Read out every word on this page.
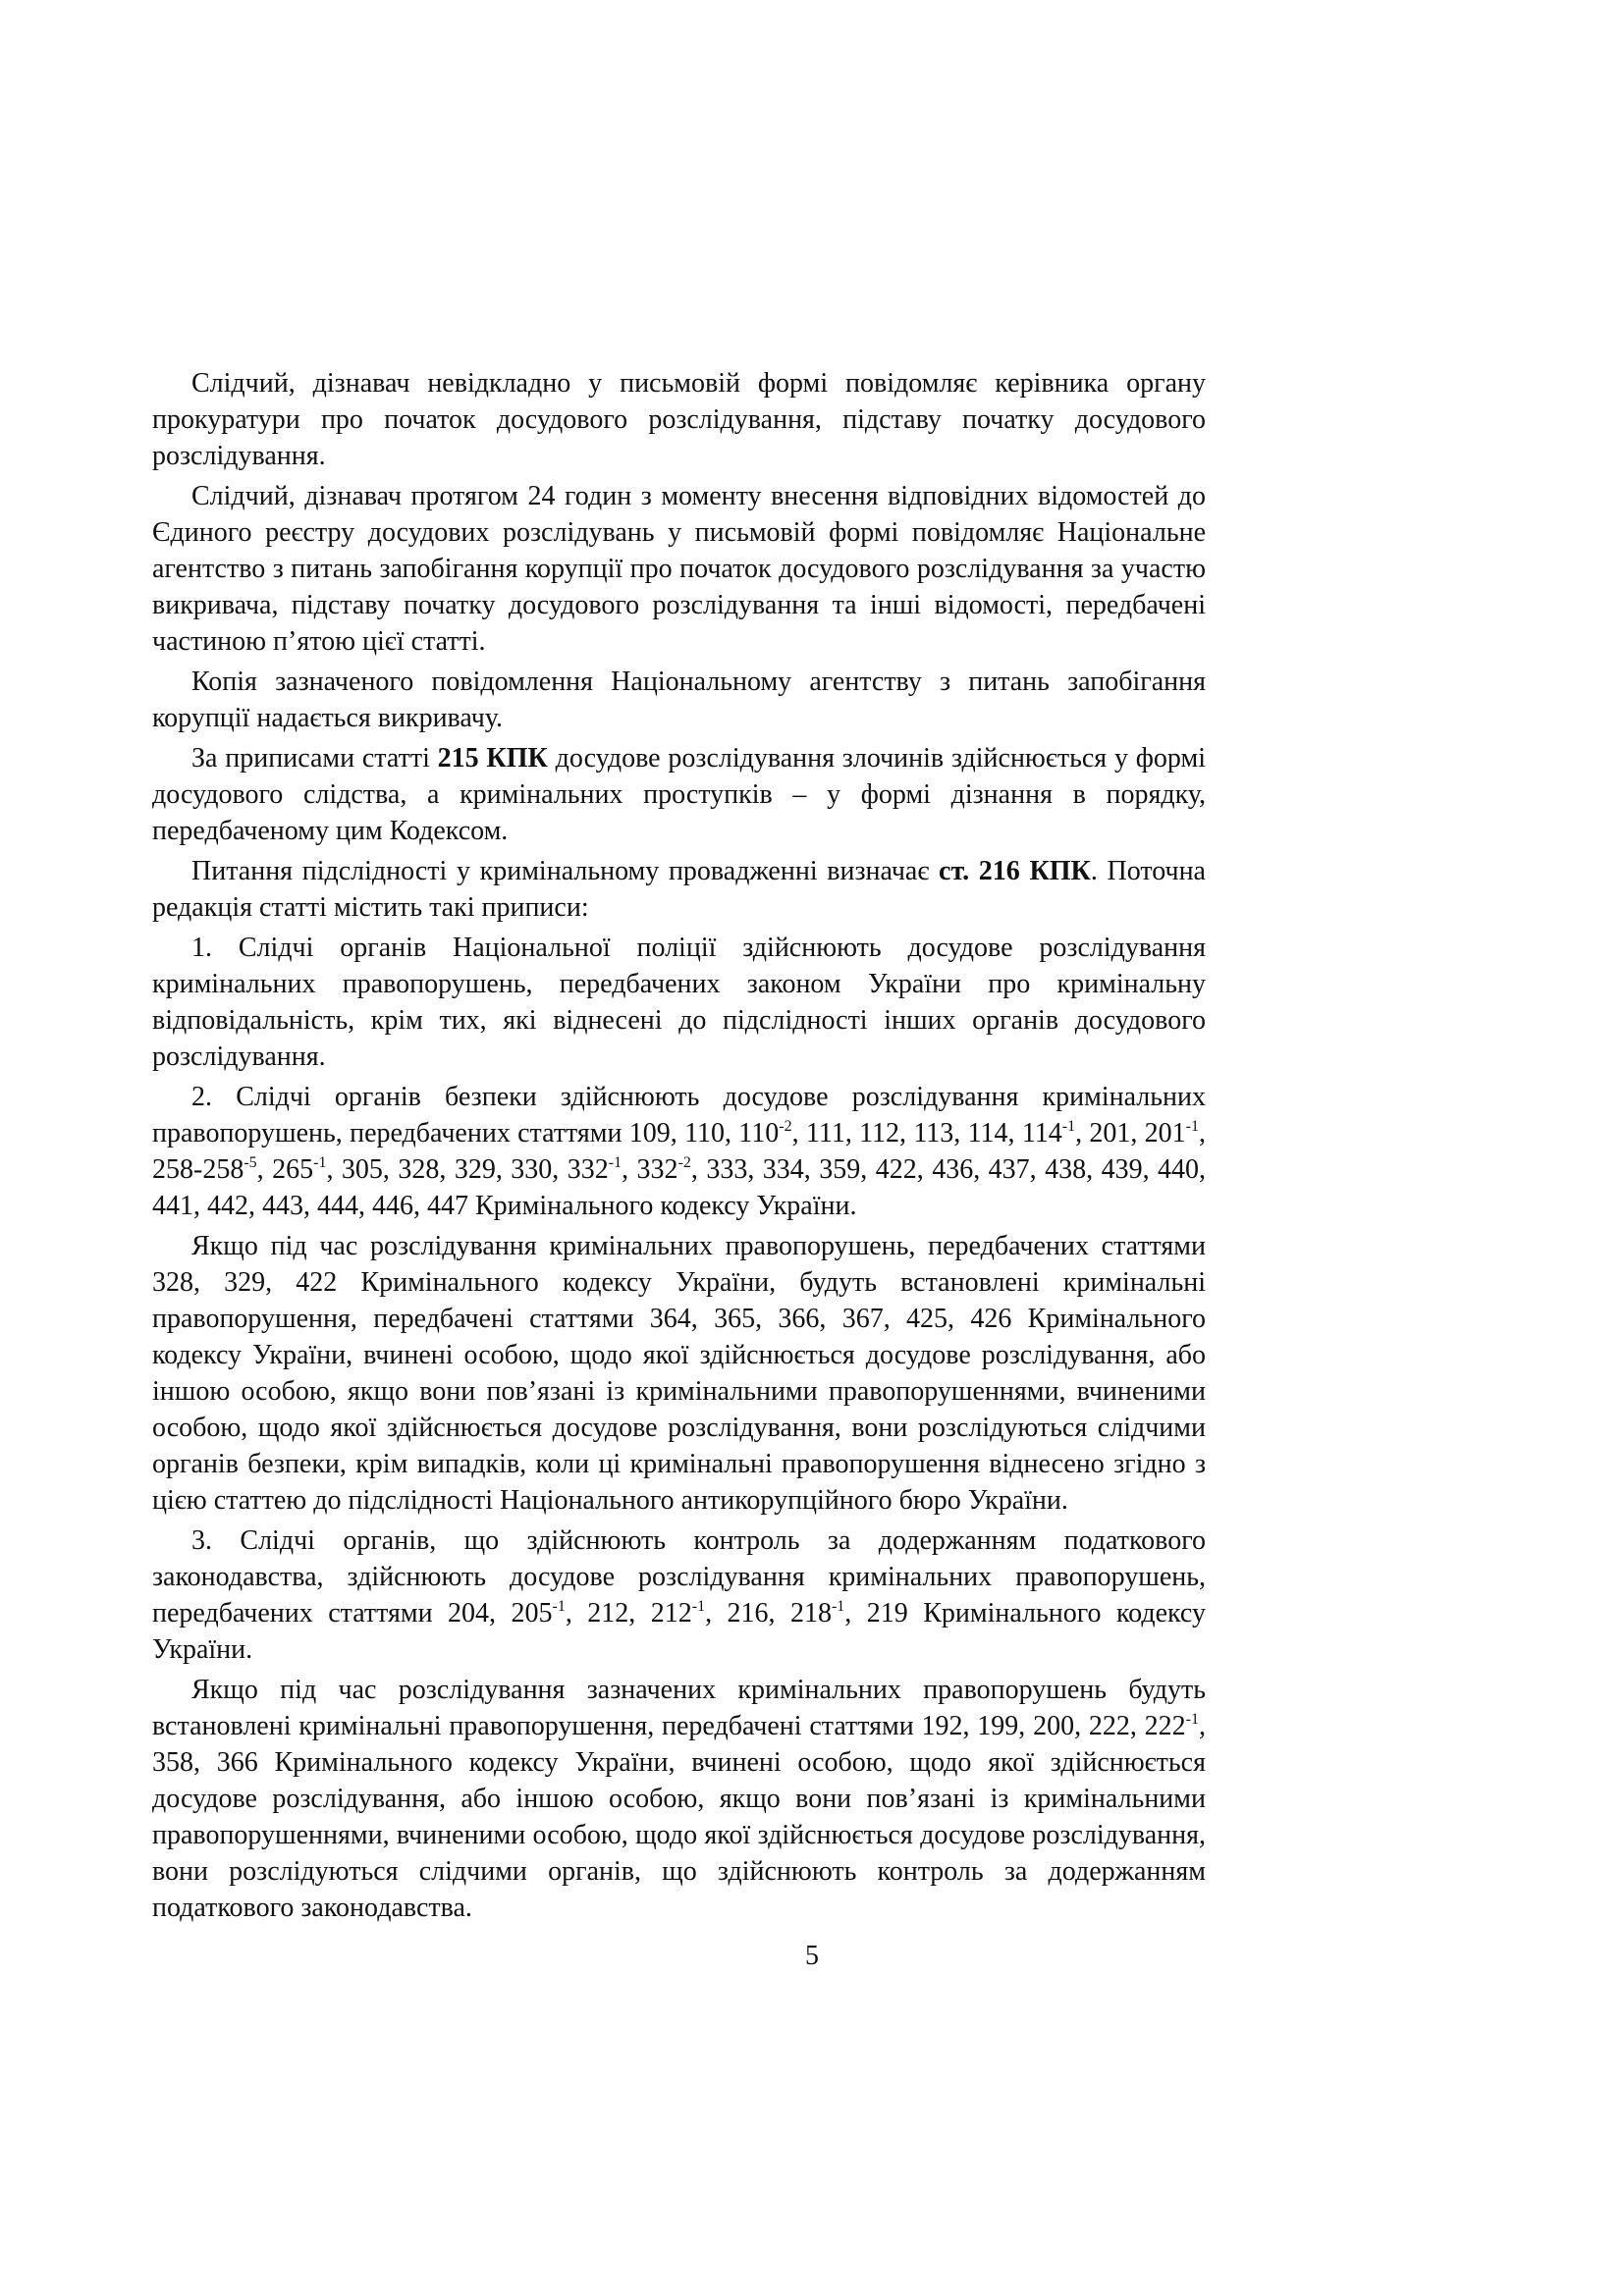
Слідчий, дізнавач невідкладно у письмовій формі повідомляє керівника органу прокуратури про початок досудового розслідування, підставу початку досудового розслідування.

Слідчий, дізнавач протягом 24 годин з моменту внесення відповідних відомостей до Єдиного реєстру досудових розслідувань у письмовій формі повідомляє Національне агентство з питань запобігання корупції про початок досудового розслідування за участю викривача, підставу початку досудового розслідування та інші відомості, передбачені частиною п’ятою цієї статті.

Копія зазначеного повідомлення Національному агентству з питань запобігання корупції надається викривачу.

За приписами статті 215 КПК досудове розслідування злочинів здійснюється у формі досудового слідства, а кримінальних проступків – у формі дізнання в порядку, передбаченому цим Кодексом.

Питання підслідності у кримінальному провадженні визначає ст. 216 КПК. Поточна редакція статті містить такі приписи:

1. Слідчі органів Національної поліції здійснюють досудове розслідування кримінальних правопорушень, передбачених законом України про кримінальну відповідальність, крім тих, які віднесені до підслідності інших органів досудового розслідування.

2. Слідчі органів безпеки здійснюють досудове розслідування кримінальних правопорушень, передбачених статтями 109, 110, $110^{-2}$, 111, 112, 113, 114, $114^{-1}$, 201, $201^{-1}$, $258-258^{-5}$, $265^{-1}$, 305, 328, 329, 330, $332^{-1}$, $332^{-2}$, 333, 334, 359, 422, 436, 437, 438, 439, 440, 441, 442, 443, 444, 446, 447 Кримінального кодексу України.

Якщо під час розслідування кримінальних правопорушень, передбачених статтями 328, 329, 422 Кримінального кодексу України, будуть встановлені кримінальні правопорушення, передбачені статтями 364, 365, 366, 367, 425, 426 Кримінального кодексу України, вчинені особою, щодо якої здійснюється досудове розслідування, або іншою особою, якщо вони пов’язані із кримінальними правопорушеннями, вчиненими особою, щодо якої здійснюється досудове розслідування, вони розслідуються слідчими органів безпеки, крім випадків, коли ці кримінальні правопорушення віднесено згідно з цією статтею до підслідності Національного антикорупційного бюро України.

3. Слідчі органів, що здійснюють контроль за додержанням податкового законодавства, здійснюють досудове розслідування кримінальних правопорушень, передбачених статтями 204, $205^{-1}$, 212, $212^{-1}$, 216, $218^{-1}$, 219 Кримінального кодексу України.

Якщо під час розслідування зазначених кримінальних правопорушень будуть встановлені кримінальні правопорушення, передбачені статтями 192, 199, 200, 222, $222^{-1}$, 358, 366 Кримінального кодексу України, вчинені особою, щодо якої здійснюється досудове розслідування, або іншою особою, якщо вони пов’язані із кримінальними правопорушеннями, вчиненими особою, щодо якої здійснюється досудове розслідування, вони розслідуються слідчими органів, що здійснюють контроль за додержанням податкового законодавства.

5
